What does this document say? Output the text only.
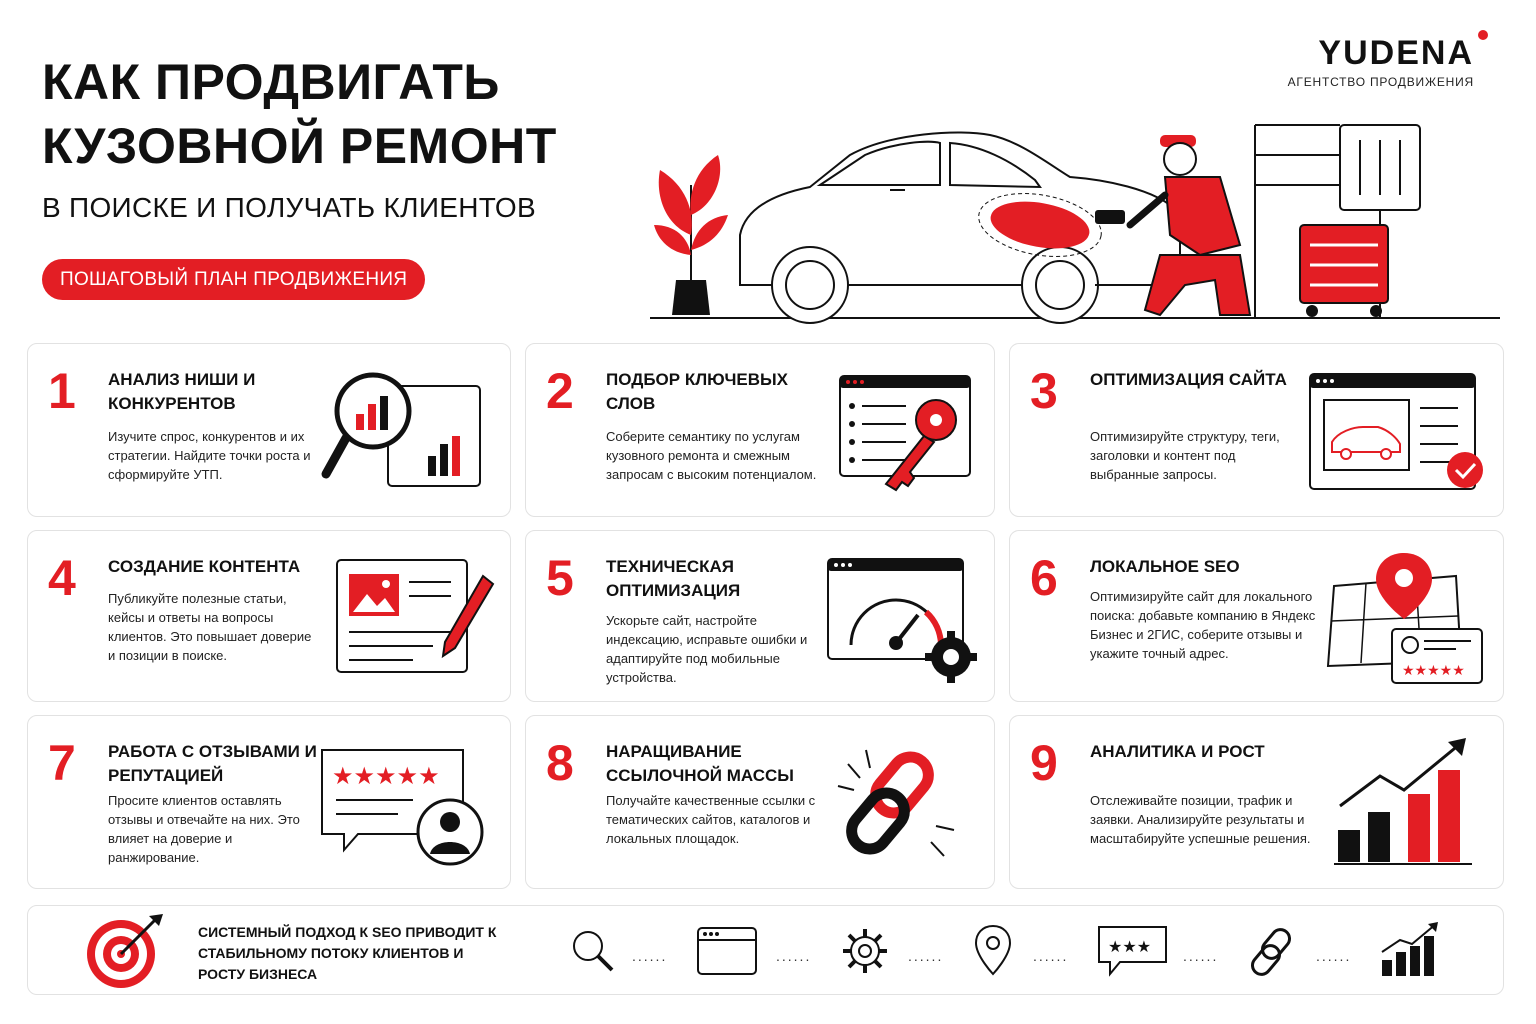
КАК ПРОДВИГАТЬ
КУЗОВНОЙ РЕМОНТ
В ПОИСКЕ И ПОЛУЧАТЬ КЛИЕНТОВ
ПОШАГОВЫЙ ПЛАН ПРОДВИЖЕНИЯ
YUDENA
АГЕНТСТВО ПРОДВИЖЕНИЯ
1 АНАЛИЗ НИШИ И КОНКУРЕНТОВ
Изучите спрос, конкурентов и их стратегии. Найдите точки роста и сформируйте УТП.
2 ПОДБОР КЛЮЧЕВЫХ СЛОВ
Соберите семантику по услугам кузовного ремонта и смежным запросам с высоким потенциалом.
3 ОПТИМИЗАЦИЯ САЙТА
Оптимизируйте структуру, теги, заголовки и контент под выбранные запросы.
4 СОЗДАНИЕ КОНТЕНТА
Публикуйте полезные статьи, кейсы и ответы на вопросы клиентов. Это повышает доверие и позиции в поиске.
5 ТЕХНИЧЕСКАЯ ОПТИМИЗАЦИЯ
Ускорьте сайт, настройте индексацию, исправьте ошибки и адаптируйте под мобильные устройства.
6 ЛОКАЛЬНОЕ SEO
Оптимизируйте сайт для локального поиска: добавьте компанию в Яндекс Бизнес и 2ГИС, соберите отзывы и укажите точный адрес.
★★★★★
7 РАБОТА С ОТЗЫВАМИ И РЕПУТАЦИЕЙ
Просите клиентов оставлять отзывы и отвечайте на них. Это влияет на доверие и ранжирование.
★★★★★ 8 НАРАЩИВАНИЕ ССЫЛОЧНОЙ МАССЫ
Получайте качественные ссылки с тематических сайтов, каталогов и локальных площадок.
9 АНАЛИТИКА И РОСТ
Отслеживайте позиции, трафик и заявки. Анализируйте результаты и масштабируйте успешные решения.
СИСТЕМНЫЙ ПОДХОД К SEO ПРИВОДИТ К СТАБИЛЬНОМУ ПОТОКУ КЛИЕНТОВ И РОСТУ БИЗНЕСА
......	......	......	...... ★★★ ......	......
